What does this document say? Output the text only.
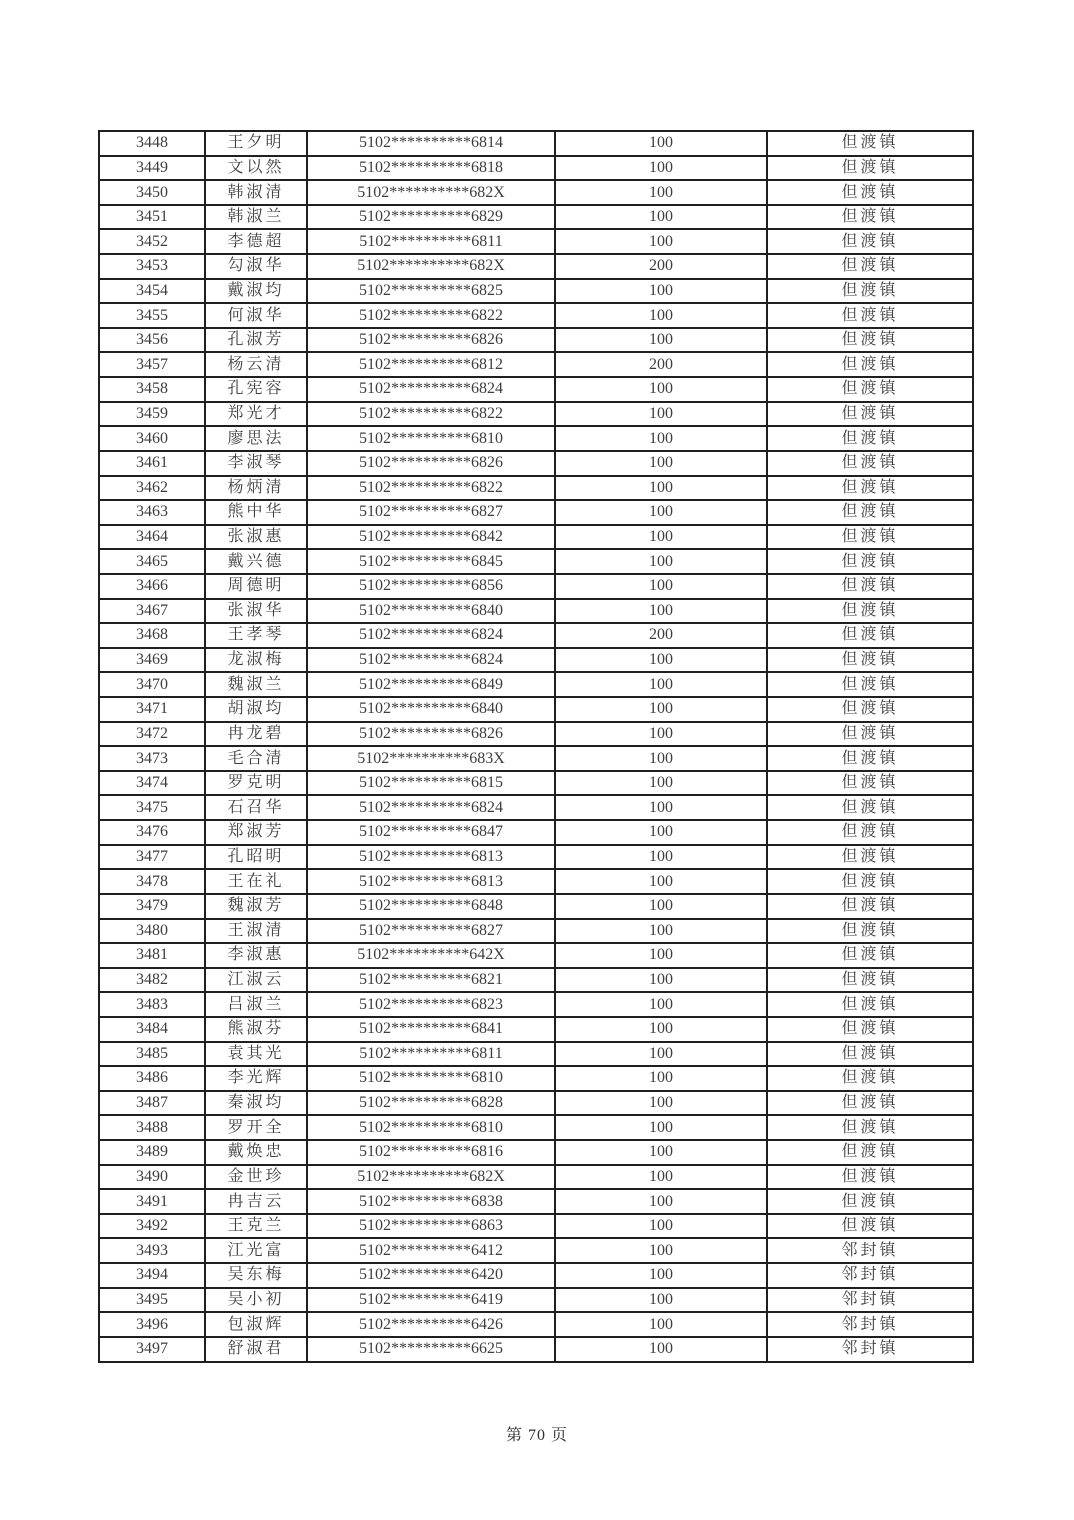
3448	王夕明	5102**********6814	100	但渡镇
3449	文以然	5102**********6818	100	但渡镇
3450	韩淑清	5102**********682X	100	但渡镇
3451	韩淑兰	5102**********6829	100	但渡镇
3452	李德超	5102**********6811	100	但渡镇
3453	勾淑华	5102**********682X	200	但渡镇
3454	戴淑均	5102**********6825	100	但渡镇
3455	何淑华	5102**********6822	100	但渡镇
3456	孔淑芳	5102**********6826	100	但渡镇
3457	杨云清	5102**********6812	200	但渡镇
3458	孔宪容	5102**********6824	100	但渡镇
3459	郑光才	5102**********6822	100	但渡镇
3460	廖思法	5102**********6810	100	但渡镇
3461	李淑琴	5102**********6826	100	但渡镇
3462	杨炳清	5102**********6822	100	但渡镇
3463	熊中华	5102**********6827	100	但渡镇
3464	张淑惠	5102**********6842	100	但渡镇
3465	戴兴德	5102**********6845	100	但渡镇
3466	周德明	5102**********6856	100	但渡镇
3467	张淑华	5102**********6840	100	但渡镇
3468	王孝琴	5102**********6824	200	但渡镇
3469	龙淑梅	5102**********6824	100	但渡镇
3470	魏淑兰	5102**********6849	100	但渡镇
3471	胡淑均	5102**********6840	100	但渡镇
3472	冉龙碧	5102**********6826	100	但渡镇
3473	毛合清	5102**********683X	100	但渡镇
3474	罗克明	5102**********6815	100	但渡镇
3475	石召华	5102**********6824	100	但渡镇
3476	郑淑芳	5102**********6847	100	但渡镇
3477	孔昭明	5102**********6813	100	但渡镇
3478	王在礼	5102**********6813	100	但渡镇
3479	魏淑芳	5102**********6848	100	但渡镇
3480	王淑清	5102**********6827	100	但渡镇
3481	李淑惠	5102**********642X	100	但渡镇
3482	江淑云	5102**********6821	100	但渡镇
3483	吕淑兰	5102**********6823	100	但渡镇
3484	熊淑芬	5102**********6841	100	但渡镇
3485	袁其光	5102**********6811	100	但渡镇
3486	李光辉	5102**********6810	100	但渡镇
3487	秦淑均	5102**********6828	100	但渡镇
3488	罗开全	5102**********6810	100	但渡镇
3489	戴焕忠	5102**********6816	100	但渡镇
3490	金世珍	5102**********682X	100	但渡镇
3491	冉吉云	5102**********6838	100	但渡镇
3492	王克兰	5102**********6863	100	但渡镇
3493	江光富	5102**********6412	100	邻封镇
3494	吴东梅	5102**********6420	100	邻封镇
3495	吴小初	5102**********6419	100	邻封镇
3496	包淑辉	5102**********6426	100	邻封镇
3497	舒淑君	5102**********6625	100	邻封镇
第 70 页
